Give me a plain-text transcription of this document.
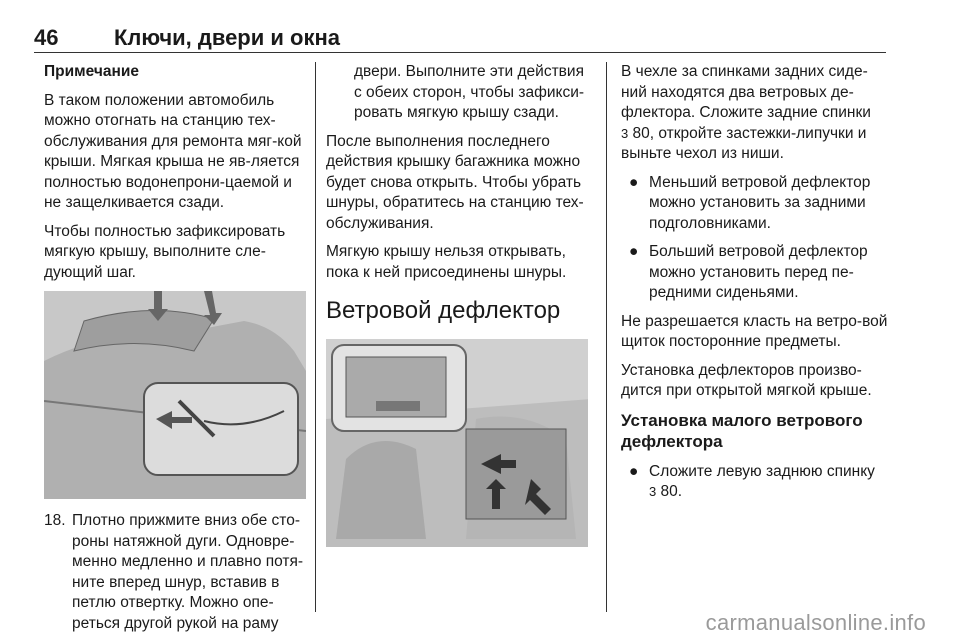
46	Ключи, двери и окна

Примечание

В таком положении автомобиль можно отогнать на станцию тех-обслуживания для ремонта мяг-кой крыши. Мягкая крыша не яв-ляется полностью водонепрони-цаемой и не защелкивается сзади.

Чтобы полностью зафиксировать мягкую крышу, выполните сле-дующий шаг.

18. Плотно прижмите вниз обе сто-роны натяжной дуги. Одновре-менно медленно и плавно потя-ните вперед шнур, вставив в петлю отвертку. Можно опе-реться другой рукой на раму

двери. Выполните эти действия с обеих сторон, чтобы зафикси-ровать мягкую крышу сзади.

После выполнения последнего действия крышку багажника можно будет снова открыть. Чтобы убрать шнуры, обратитесь на станцию тех-обслуживания.

Мягкую крышу нельзя открывать, пока к ней присоединены шнуры.

Ветровой дефлектор

В чехле за спинками задних сиде-ний находятся два ветровых де-флектора. Сложите задние спинки
3 80, откройте застежки-липучки и выньте чехол из ниши.

● Меньший ветровой дефлектор можно установить за задними подголовниками.
● Больший ветровой дефлектор можно установить перед пе-редними сиденьями.

Не разрешается класть на ветро-вой щиток посторонние предметы.

Установка дефлекторов произво-дится при открытой мягкой крыше.

Установка малого ветрового дефлектора
● Сложите левую заднюю спинку
3 80.
carmanualsonline.info
